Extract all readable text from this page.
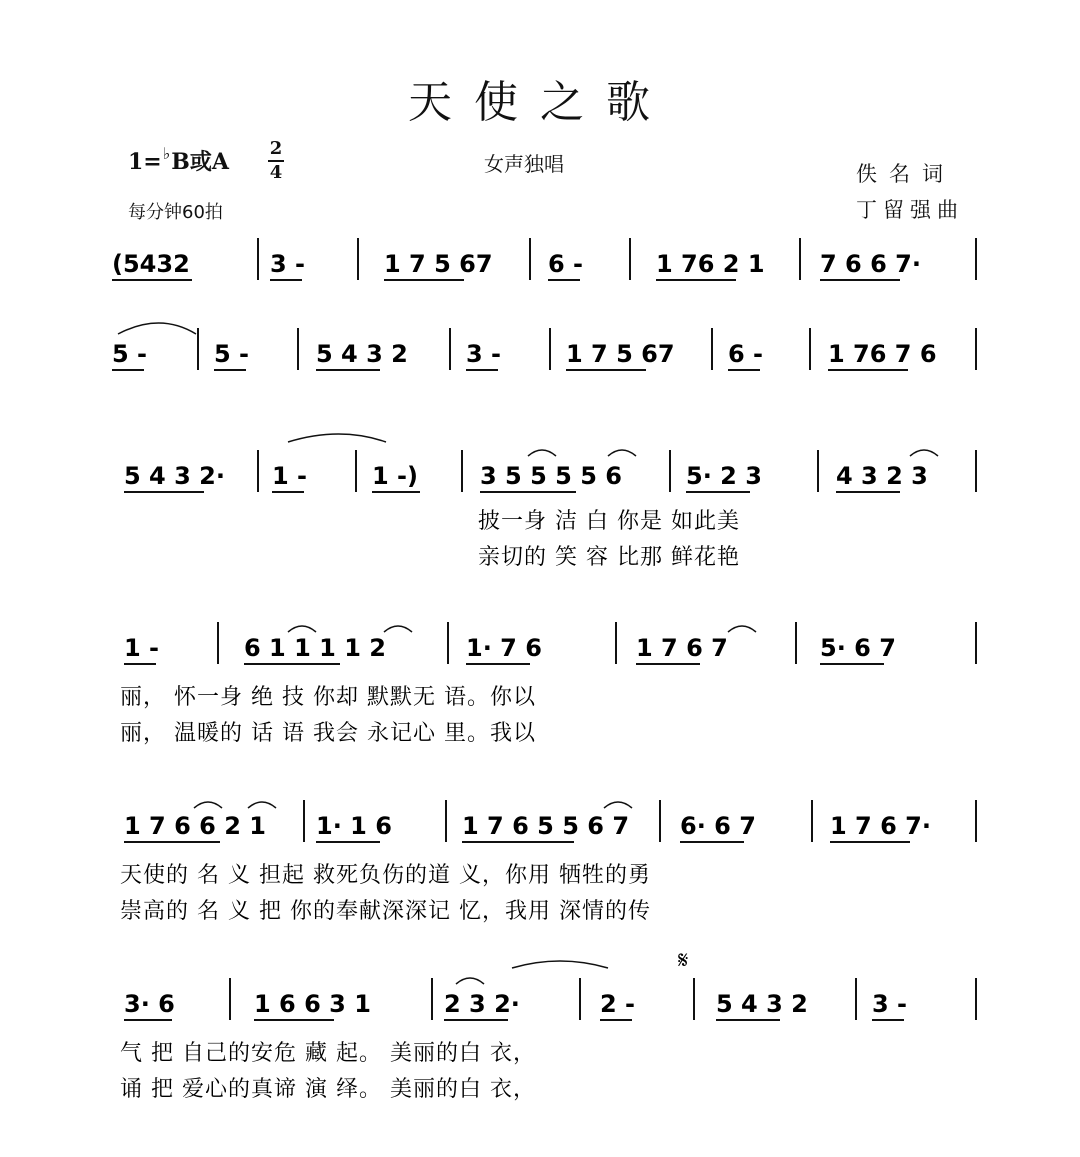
天使之歌
1=♭B或A
2
4
每分钟60拍
女声独唱	佚名词
丁留强曲
(5432	3 -	1 7 5 67 6 -	1 76 2 1 7 6 6 7·
5 -	5 -	5 4 3 2 3 -	1 7 5 67 6 -	1 76 7 6
5 4 3 2· 1 -	1 -)	3 5 5 5 5 6	5· 2 3	4 3 2 3
披一身 洁 白 你是 如此美
亲切的 笑 容 比那 鲜花艳
1 -	6 1 1 1 1 2	1· 7 6	1 7 6 7	5· 6 7
丽， 怀一身 绝 技 你却 默默无 语。你以
丽， 温暖的 话 语 我会 永记心 里。我以
1 7 6 6 2 1 1· 1 6	1 7 6 5 5 6 7 6· 6 7	1 7 6 7·
天使的 名 义 担起 救死负伤的道 义，你用 牺牲的勇
崇高的 名 义 把 你的奉献深深记 忆，我用 深情的传
3· 6	1 6 6 3 1	2 3 2·	2 -	5 4 3 2	3 -
气 把 自己的安危 藏 起。 美丽的白 衣，
诵 把 爱心的真谛 演 绎。 美丽的白 衣，
𝄋
